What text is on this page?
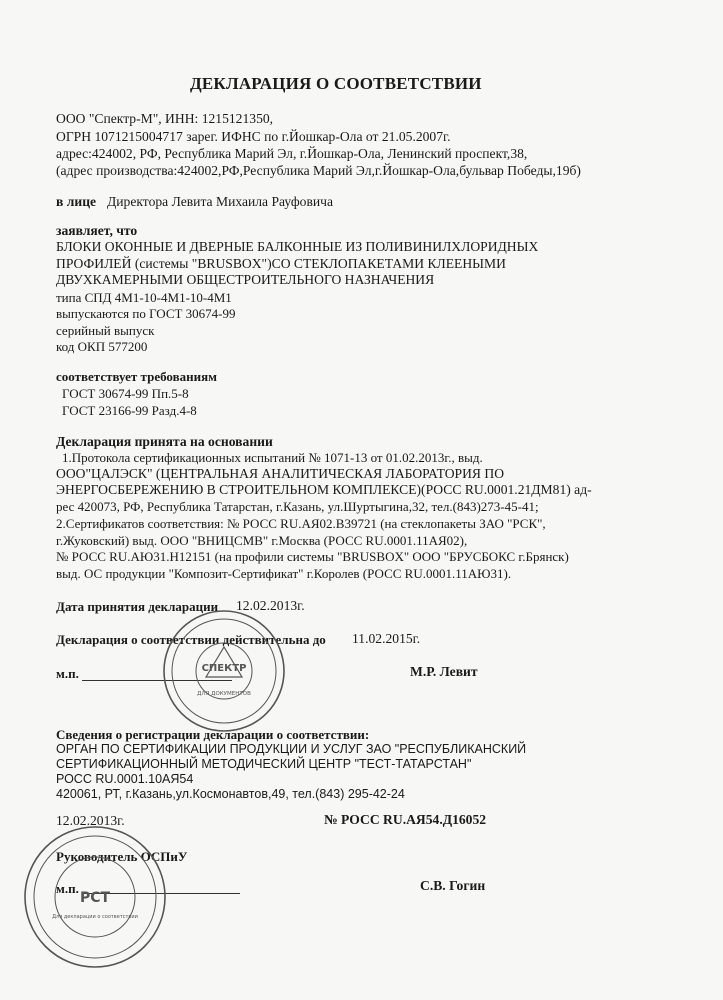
ДЕКЛАРАЦИЯ О СООТВЕТСТВИИ
ООО "Спектр-М", ИНН: 1215121350,
ОГРН 1071215004717 зарег. ИФНС по г.Йошкар-Ола от 21.05.2007г.
адрес:424002, РФ, Республика Марий Эл, г.Йошкар-Ола, Ленинский проспект,38,
(адрес производства:424002,РФ,Республика Марий Эл,г.Йошкар-Ола,бульвар Победы,19б)
в лице Директора Левита Михаила Рауфовича
заявляет, что
БЛОКИ ОКОННЫЕ И ДВЕРНЫЕ БАЛКОННЫЕ ИЗ ПОЛИВИНИЛХЛОРИДНЫХ
ПРОФИЛЕЙ (системы "BRUSBOX")СО СТЕКЛОПАКЕТАМИ КЛЕЕНЫМИ
ДВУХКАМЕРНЫМИ ОБЩЕСТРОИТЕЛЬНОГО НАЗНАЧЕНИЯ
типа СПД 4М1-10-4М1-10-4М1
выпускаются по ГОСТ 30674-99
серийный выпуск
код ОКП 577200
соответствует требованиям
ГОСТ 30674-99 Пп.5-8
ГОСТ 23166-99 Разд.4-8
Декларация принята на основании
1.Протокола сертификационных испытаний № 1071-13 от 01.02.2013г., выд.
ООО"ЦАЛЭСК" (ЦЕНТРАЛЬНАЯ АНАЛИТИЧЕСКАЯ ЛАБОРАТОРИЯ ПО
ЭНЕРГОСБЕРЕЖЕНИЮ В СТРОИТЕЛЬНОМ КОМПЛЕКСЕ)(РОСС RU.0001.21ДМ81) ад-
рес 420073, РФ, Республика Татарстан, г.Казань, ул.Шуртыгина,32, тел.(843)273-45-41;
2.Сертификатов соответствия: № РОСС RU.АЯ02.В39721 (на стеклопакеты ЗАО "РСК",
г.Жуковский) выд. ООО "ВНИЦСМВ" г.Москва (РОСС RU.0001.11АЯ02),
№ РОСС RU.АЮ31.Н12151 (на профили системы "BRUSBOX" ООО "БРУСБОКС г.Брянск)
выд. ОС продукции "Композит-Сертификат" г.Королев (РОСС RU.0001.11АЮ31).
Дата принятия декларации 12.02.2013г.
Декларация о соответствии действительна до 11.02.2015г.
м.п.	М.Р. Левит
СПЕКТР
ДЛЯ ДОКУМЕНТОВ
Сведения о регистрации декларации о соответствии:
ОРГАН ПО СЕРТИФИКАЦИИ ПРОДУКЦИИ И УСЛУГ ЗАО "РЕСПУБЛИКАНСКИЙ
СЕРТИФИКАЦИОННЫЙ МЕТОДИЧЕСКИЙ ЦЕНТР "ТЕСТ-ТАТАРСТАН"
РОСС RU.0001.10АЯ54
420061, РТ, г.Казань,ул.Космонавтов,49, тел.(843) 295-42-24
12.02.2013г.	№ РОСС RU.АЯ54.Д16052
Руководитель ОСПиУ
м.п.	С.В. Гогин
РСТ
Для декларации о соответствии
